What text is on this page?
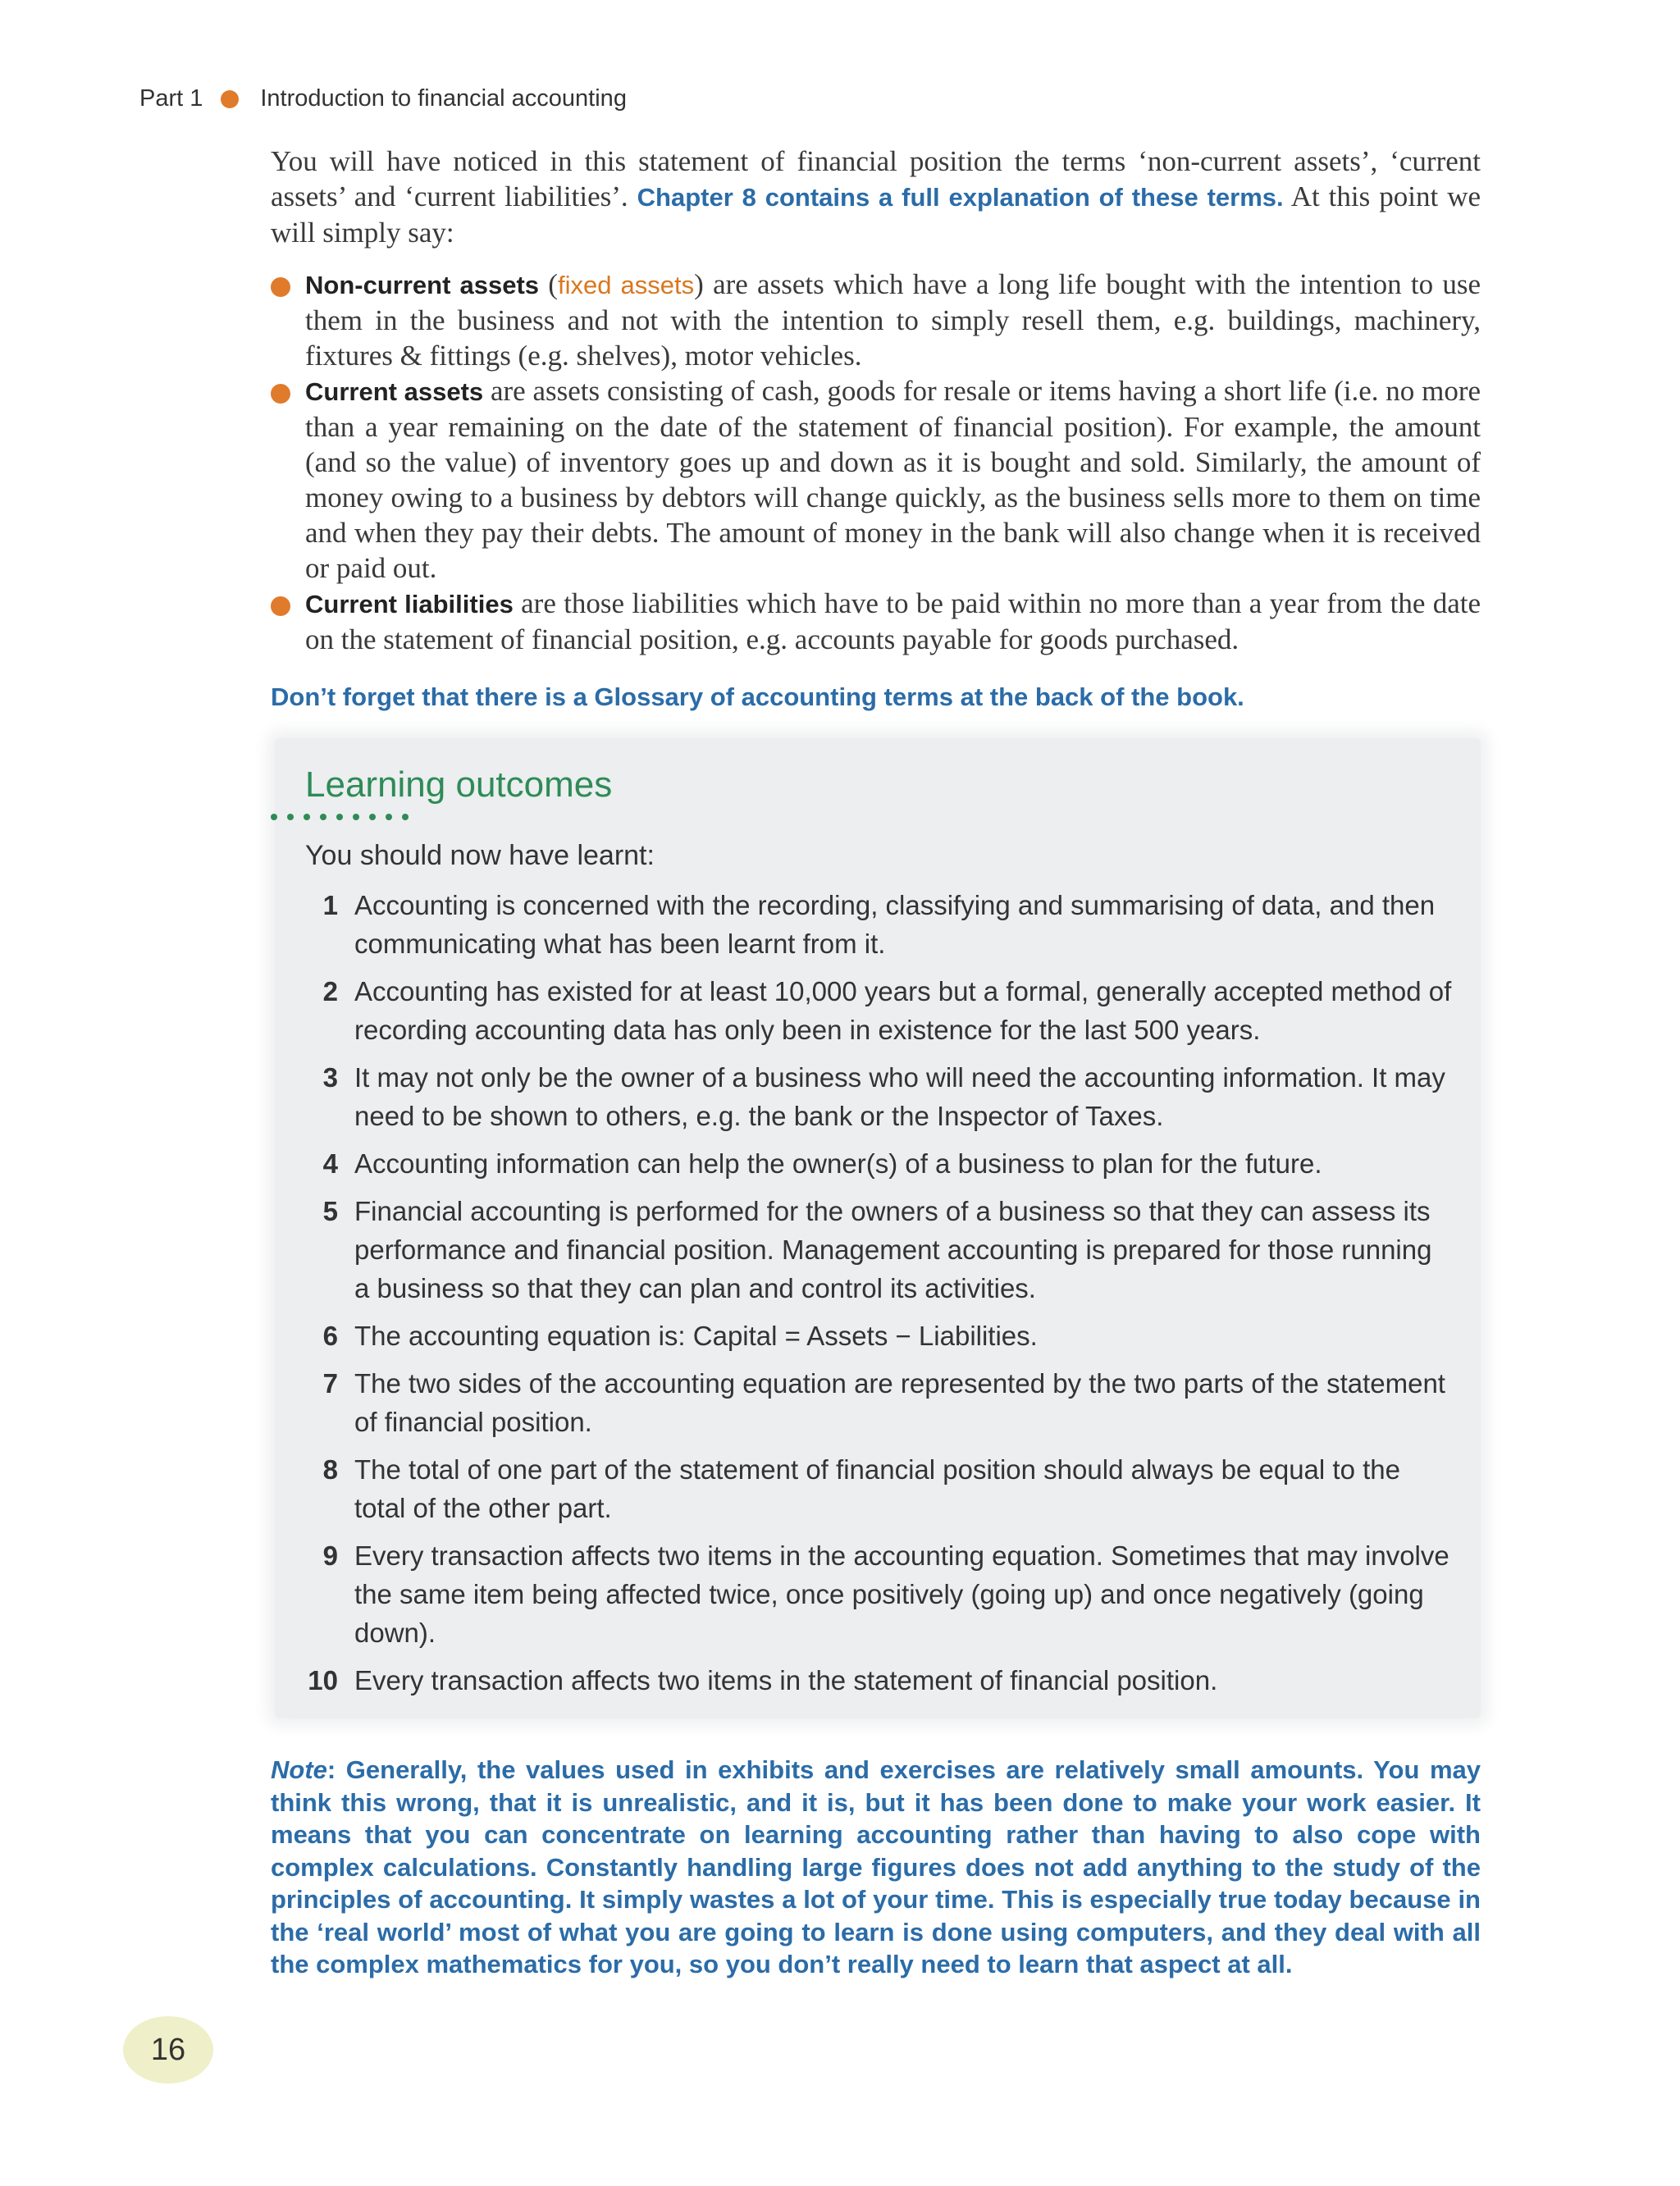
Part 1 Introduction to financial accounting

You will have noticed in this statement of financial position the terms ‘non-current assets’, ‘current assets’ and ‘current liabilities’. Chapter 8 contains a full explanation of these terms. At this point we will simply say:

Non-current assets (fixed assets) are assets which have a long life bought with the intention to use them in the business and not with the intention to simply resell them, e.g. buildings, machinery, fixtures & fittings (e.g. shelves), motor vehicles.
Current assets are assets consisting of cash, goods for resale or items having a short life (i.e. no more than a year remaining on the date of the statement of financial position). For example, the amount (and so the value) of inventory goes up and down as it is bought and sold. Similarly, the amount of money owing to a business by debtors will change quickly, as the business sells more to them on time and when they pay their debts. The amount of money in the bank will also change when it is received or paid out.
Current liabilities are those liabilities which have to be paid within no more than a year from the date on the statement of financial position, e.g. accounts payable for goods purchased.
Don’t forget that there is a Glossary of accounting terms at the back of the book.
Learning outcomes
You should now have learnt:
1 Accounting is concerned with the recording, classifying and summarising of data, and then communicating what has been learnt from it.
2 Accounting has existed for at least 10,000 years but a formal, generally accepted method of recording accounting data has only been in existence for the last 500 years.
3 It may not only be the owner of a business who will need the accounting information. It may need to be shown to others, e.g. the bank or the Inspector of Taxes.
4 Accounting information can help the owner(s) of a business to plan for the future.
5 Financial accounting is performed for the owners of a business so that they can assess its performance and financial position. Management accounting is prepared for those running a business so that they can plan and control its activities.
6 The accounting equation is: Capital = Assets − Liabilities.
7 The two sides of the accounting equation are represented by the two parts of the statement of financial position.
8 The total of one part of the statement of financial position should always be equal to the total of the other part.
9 Every transaction affects two items in the accounting equation. Sometimes that may involve the same item being affected twice, once positively (going up) and once negatively (going down).
10 Every transaction affects two items in the statement of financial position.

Note: Generally, the values used in exhibits and exercises are relatively small amounts. You may think this wrong, that it is unrealistic, and it is, but it has been done to make your work easier. It means that you can concentrate on learning accounting rather than having to also cope with complex calculations. Constantly handling large figures does not add anything to the study of the principles of accounting. It simply wastes a lot of your time. This is especially true today because in the ‘real world’ most of what you are going to learn is done using computers, and they deal with all the complex mathematics for you, so you don’t really need to learn that aspect at all.

16
